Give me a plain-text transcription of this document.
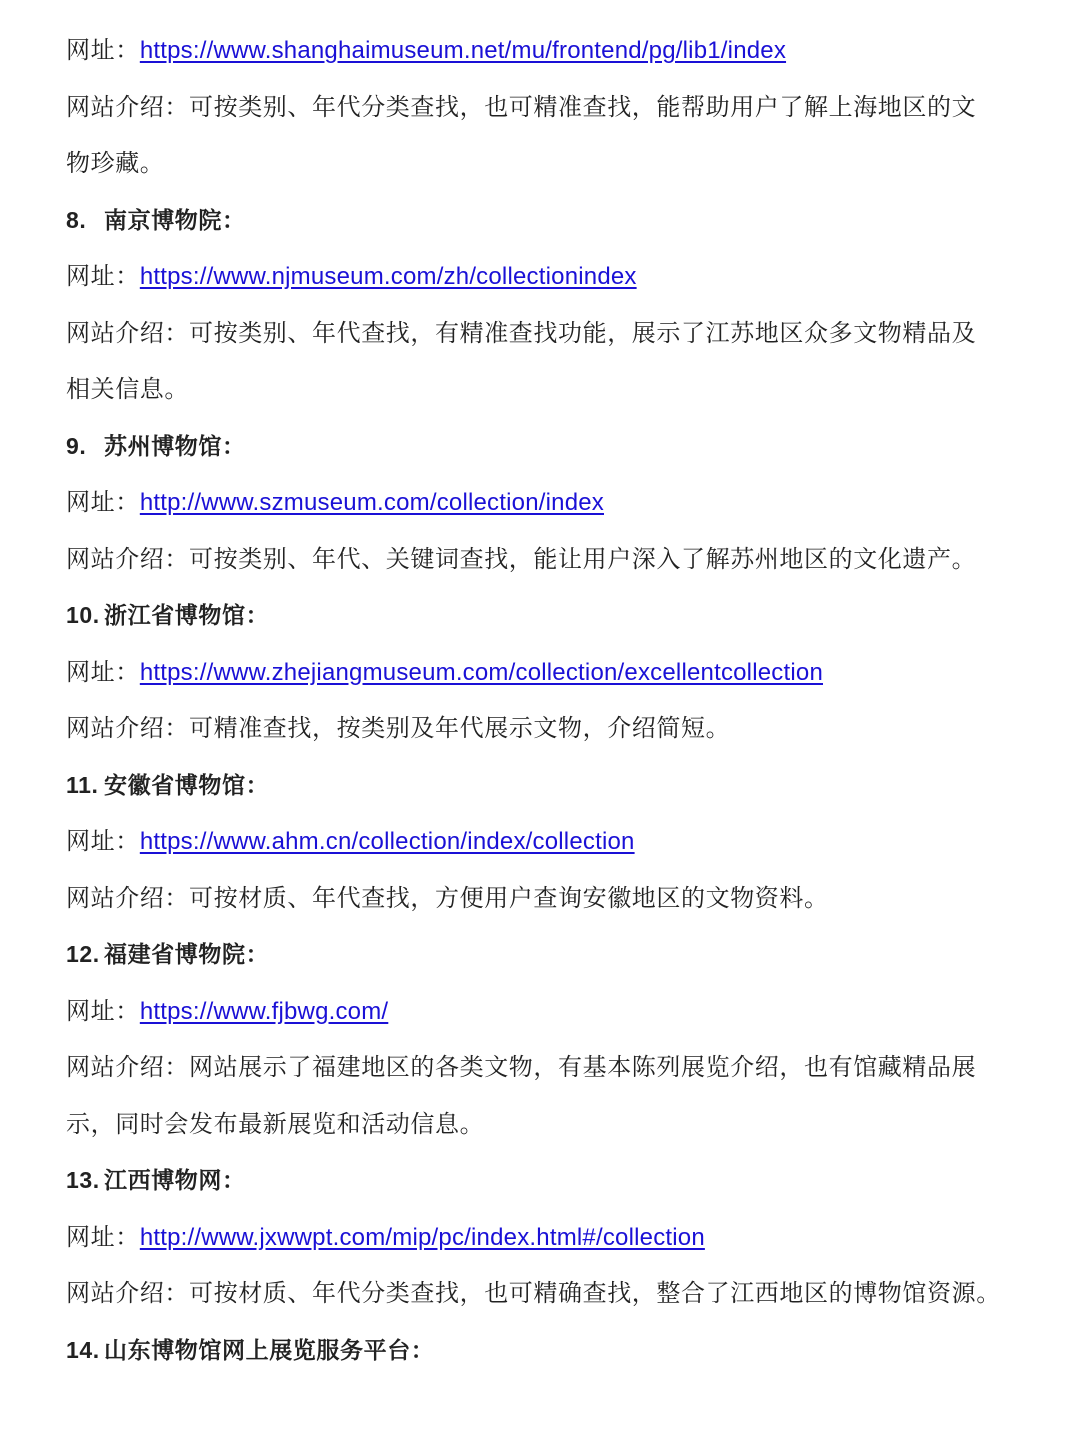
网址：https://www.shanghaimuseum.net/mu/frontend/pg/lib1/index
网站介绍：可按类别、年代分类查找，也可精准查找，能帮助用户了解上海地区的文
物珍藏。
8. 南京博物院：
网址：https://www.njmuseum.com/zh/collectionindex
网站介绍：可按类别、年代查找，有精准查找功能，展示了江苏地区众多文物精品及
相关信息。
9. 苏州博物馆：
网址：http://www.szmuseum.com/collection/index
网站介绍：可按类别、年代、关键词查找，能让用户深入了解苏州地区的文化遗产。
10. 浙江省博物馆：
网址：https://www.zhejiangmuseum.com/collection/excellentcollection
网站介绍：可精准查找，按类别及年代展示文物，介绍简短。
11. 安徽省博物馆：
网址：https://www.ahm.cn/collection/index/collection
网站介绍：可按材质、年代查找，方便用户查询安徽地区的文物资料。
12. 福建省博物院：
网址：https://www.fjbwg.com/
网站介绍：网站展示了福建地区的各类文物，有基本陈列展览介绍，也有馆藏精品展
示，同时会发布最新展览和活动信息。
13. 江西博物网：
网址：http://www.jxwwpt.com/mip/pc/index.html#/collection
网站介绍：可按材质、年代分类查找，也可精确查找，整合了江西地区的博物馆资源。
14. 山东博物馆网上展览服务平台：
